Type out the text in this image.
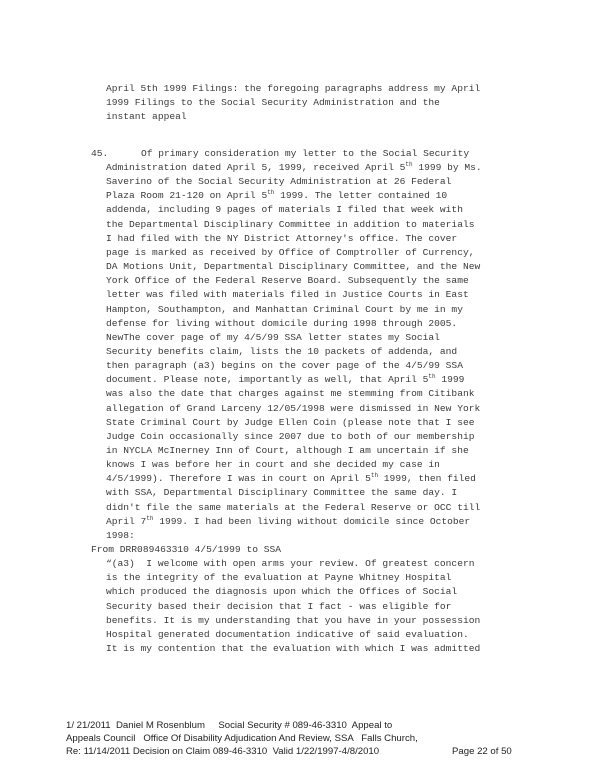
April 5th 1999 Filings: the foregoing paragraphs address my April
1999 Filings to the Social Security Administration and the
instant appeal
45.	Of primary consideration my letter to the Social Security
Administration dated April 5, 1999, received April 5th 1999 by Ms.
Saverino of the Social Security Administration at 26 Federal
Plaza Room 21-120 on April 5th 1999. The letter contained 10
addenda, including 9 pages of materials I filed that week with
the Departmental Disciplinary Committee in addition to materials
I had filed with the NY District Attorney's office. The cover
page is marked as received by Office of Comptroller of Currency,
DA Motions Unit, Departmental Disciplinary Committee, and the New
York Office of the Federal Reserve Board. Subsequently the same
letter was filed with materials filed in Justice Courts in East
Hampton, Southampton, and Manhattan Criminal Court by me in my
defense for living without domicile during 1998 through 2005.
NewThe cover page of my 4/5/99 SSA letter states my Social
Security benefits claim, lists the 10 packets of addenda, and
then paragraph (a3) begins on the cover page of the 4/5/99 SSA
document. Please note, importantly as well, that April 5th 1999
was also the date that charges against me stemming from Citibank
allegation of Grand Larceny 12/05/1998 were dismissed in New York
State Criminal Court by Judge Ellen Coin (please note that I see
Judge Coin occasionally since 2007 due to both of our membership
in NYCLA McInerney Inn of Court, although I am uncertain if she
knows I was before her in court and she decided my case in
4/5/1999). Therefore I was in court on April 5th 1999, then filed
with SSA, Departmental Disciplinary Committee the same day. I
didn't file the same materials at the Federal Reserve or OCC till
April 7th 1999. I had been living without domicile since October
1998:
From DRR089463310 4/5/1999 to SSA
“(a3)  I welcome with open arms your review. Of greatest concern
is the integrity of the evaluation at Payne Whitney Hospital
which produced the diagnosis upon which the Offices of Social
Security based their decision that I fact - was eligible for
benefits. It is my understanding that you have in your possession
Hospital generated documentation indicative of said evaluation.
It is my contention that the evaluation with which I was admitted
1/ 21/2011  Daniel M Rosenblum     Social Security # 089-46-3310  Appeal to
Appeals Council   Office Of Disability Adjudication And Review, SSA   Falls Church,
Re: 11/14/2011 Decision on Claim 089-46-3310  Valid 1/22/1997-4/8/2010	Page 22 of 50
